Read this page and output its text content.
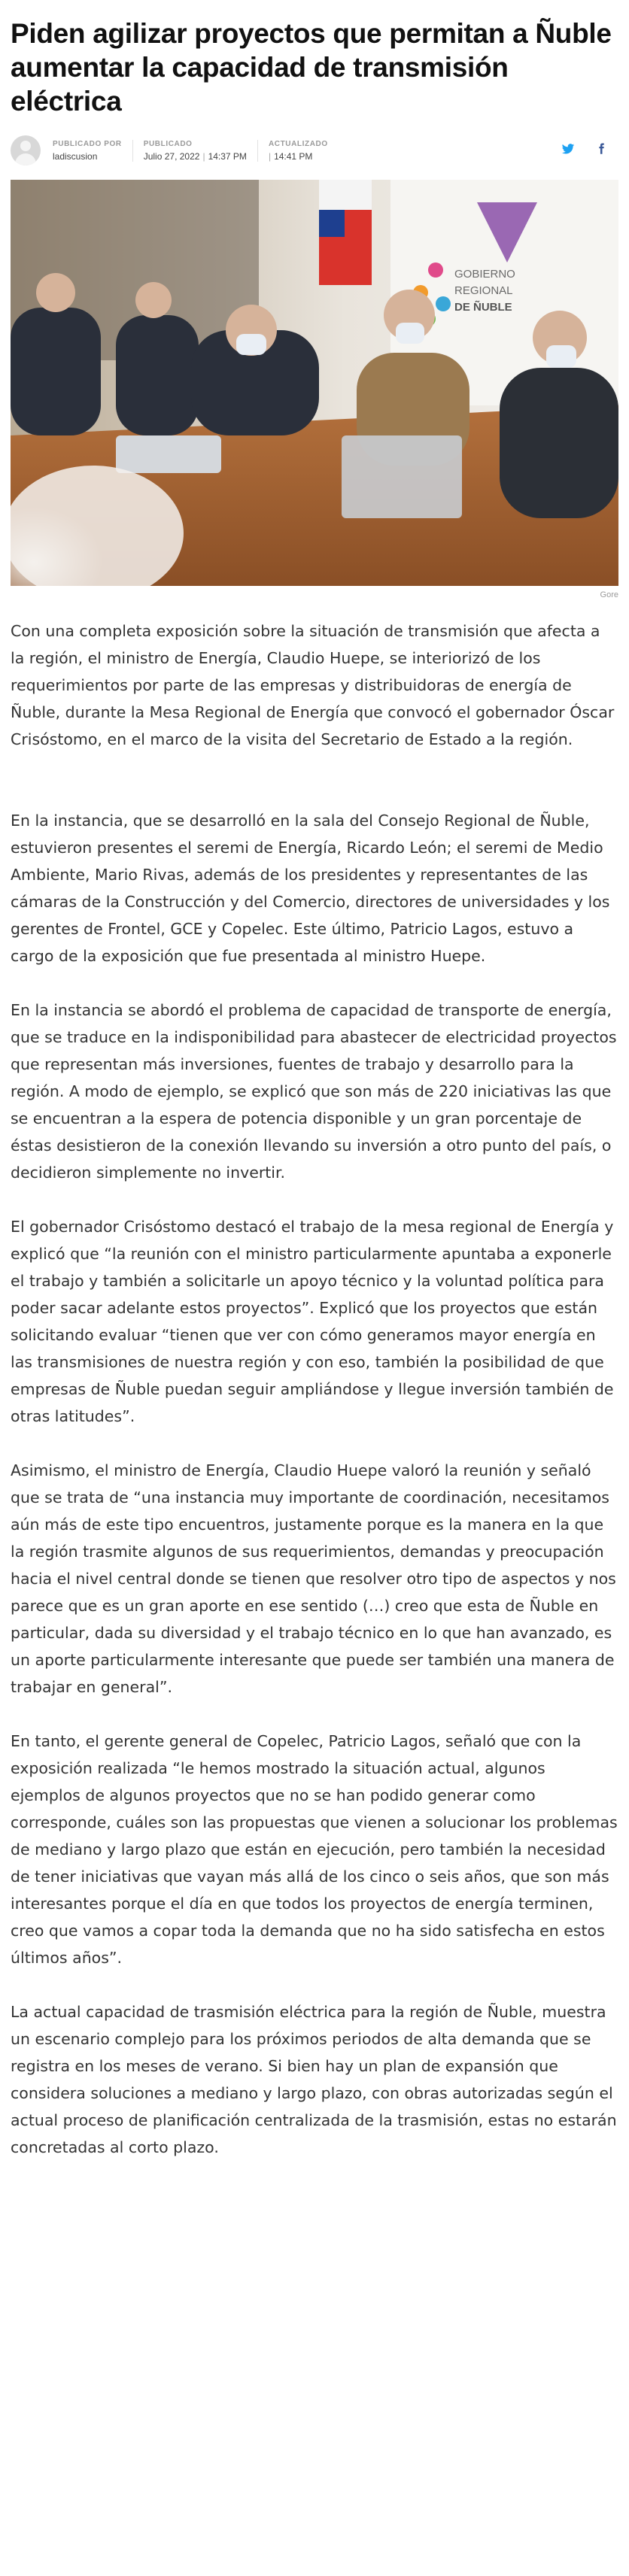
Piden agilizar proyectos que permitan a Ñuble aumentar la capacidad de transmisión eléctrica
PUBLICADO POR
ladiscusion
PUBLICADO
Julio 27, 2022 | 14:37 PM
ACTUALIZADO
| 14:41 PM
GOBIERNO
REGIONAL
DE ÑUBLE
Gore

Con una completa exposición sobre la situación de transmisión que afecta a la región, el ministro de Energía, Claudio Huepe, se interiorizó de los requerimientos por parte de las empresas y distribuidoras de energía de Ñuble, durante la Mesa Regional de Energía que convocó el gobernador Óscar Crisóstomo, en el marco de la visita del Secretario de Estado a la región.

En la instancia, que se desarrolló en la sala del Consejo Regional de Ñuble, estuvieron presentes el seremi de Energía, Ricardo León; el seremi de Medio Ambiente, Mario Rivas, además de los presidentes y representantes de las cámaras de la Construcción y del Comercio, directores de universidades y los gerentes de Frontel, GCE y Copelec. Este último, Patricio Lagos, estuvo a cargo de la exposición que fue presentada al ministro Huepe.

En la instancia se abordó el problema de capacidad de transporte de energía, que se traduce en la indisponibilidad para abastecer de electricidad proyectos que representan más inversiones, fuentes de trabajo y desarrollo para la región. A modo de ejemplo, se explicó que son más de 220 iniciativas las que se encuentran a la espera de potencia disponible y un gran porcentaje de éstas desistieron de la conexión llevando su inversión a otro punto del país, o decidieron simplemente no invertir.

El gobernador Crisóstomo destacó el trabajo de la mesa regional de Energía y explicó que “la reunión con el ministro particularmente apuntaba a exponerle el trabajo y también a solicitarle un apoyo técnico y la voluntad política para poder sacar adelante estos proyectos”. Explicó que los proyectos que están solicitando evaluar “tienen que ver con cómo generamos mayor energía en las transmisiones de nuestra región y con eso, también la posibilidad de que empresas de Ñuble puedan seguir ampliándose y llegue inversión también de otras latitudes”.

Asimismo, el ministro de Energía, Claudio Huepe valoró la reunión y señaló que se trata de “una instancia muy importante de coordinación, necesitamos aún más de este tipo encuentros, justamente porque es la manera en la que la región trasmite algunos de sus requerimientos, demandas y preocupación hacia el nivel central donde se tienen que resolver otro tipo de aspectos y nos parece que es un gran aporte en ese sentido (…) creo que esta de Ñuble en particular, dada su diversidad y el trabajo técnico en lo que han avanzado, es un aporte particularmente interesante que puede ser también una manera de trabajar en general”.

En tanto, el gerente general de Copelec, Patricio Lagos, señaló que con la exposición realizada “le hemos mostrado la situación actual, algunos ejemplos de algunos proyectos que no se han podido generar como corresponde, cuáles son las propuestas que vienen a solucionar los problemas de mediano y largo plazo que están en ejecución, pero también la necesidad de tener iniciativas que vayan más allá de los cinco o seis años, que son más interesantes porque el día en que todos los proyectos de energía terminen, creo que vamos a copar toda la demanda que no ha sido satisfecha en estos últimos años”.

La actual capacidad de trasmisión eléctrica para la región de Ñuble, muestra un escenario complejo para los próximos periodos de alta demanda que se registra en los meses de verano. Si bien hay un plan de expansión que considera soluciones a mediano y largo plazo, con obras autorizadas según el actual proceso de planificación centralizada de la trasmisión, estas no estarán concretadas al corto plazo.
